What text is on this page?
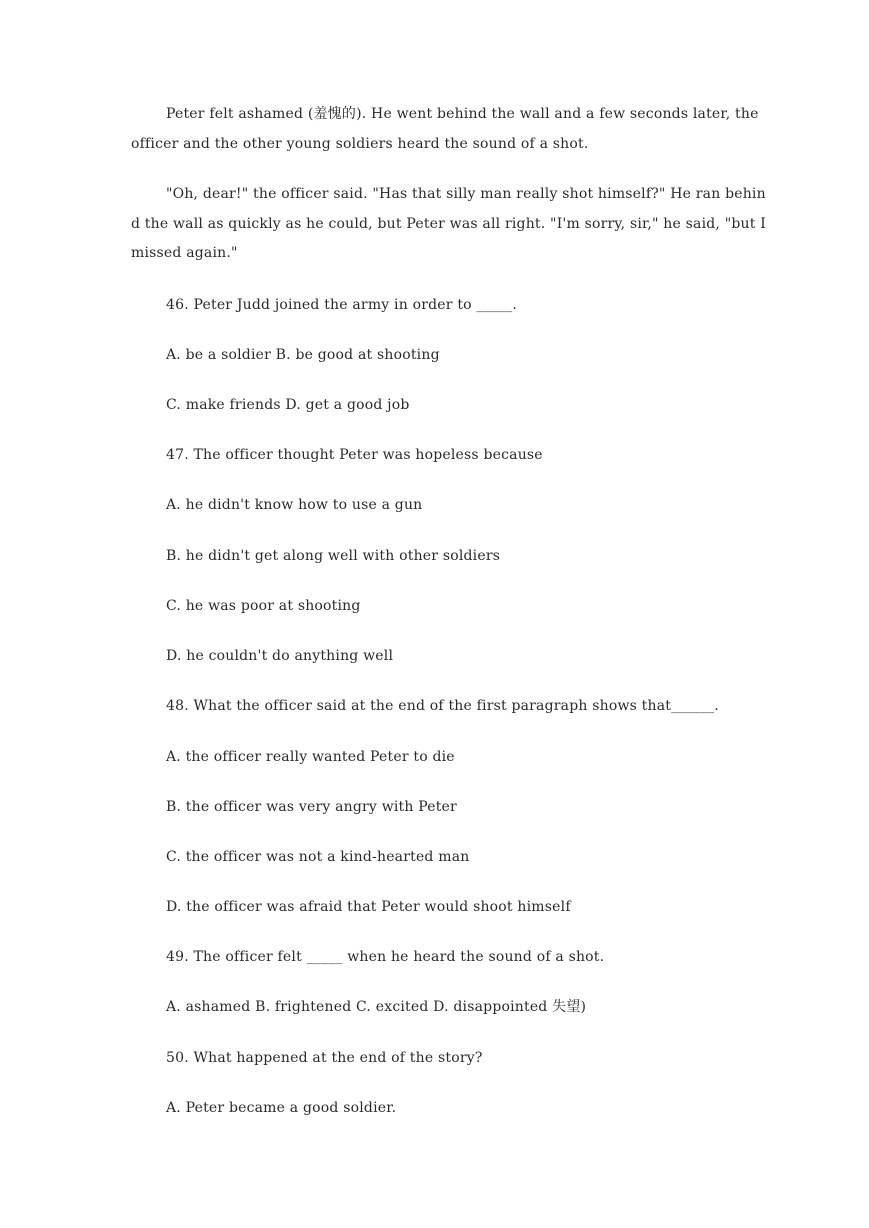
Peter felt ashamed (羞愧的). He went behind the wall and a few seconds later, the officer and the other young soldiers heard the sound of a shot.

"Oh, dear!" the officer said. "Has that silly man really shot himself?" He ran behind the wall as quickly as he could, but Peter was all right. "I'm sorry, sir," he said, "but I missed again."

46. Peter Judd joined the army in order to _____.
A. be a soldier B. be good at shooting
C. make friends D. get a good job
47. The officer thought Peter was hopeless because
A. he didn't know how to use a gun
B. he didn't get along well with other soldiers
C. he was poor at shooting
D. he couldn't do anything well
48. What the officer said at the end of the first paragraph shows that______.
A. the officer really wanted Peter to die
B. the officer was very angry with Peter
C. the officer was not a kind-hearted man
D. the officer was afraid that Peter would shoot himself
49. The officer felt _____ when he heard the sound of a shot.
A. ashamed B. frightened C. excited D. disappointed 失望)
50. What happened at the end of the story?
A. Peter became a good soldier.
